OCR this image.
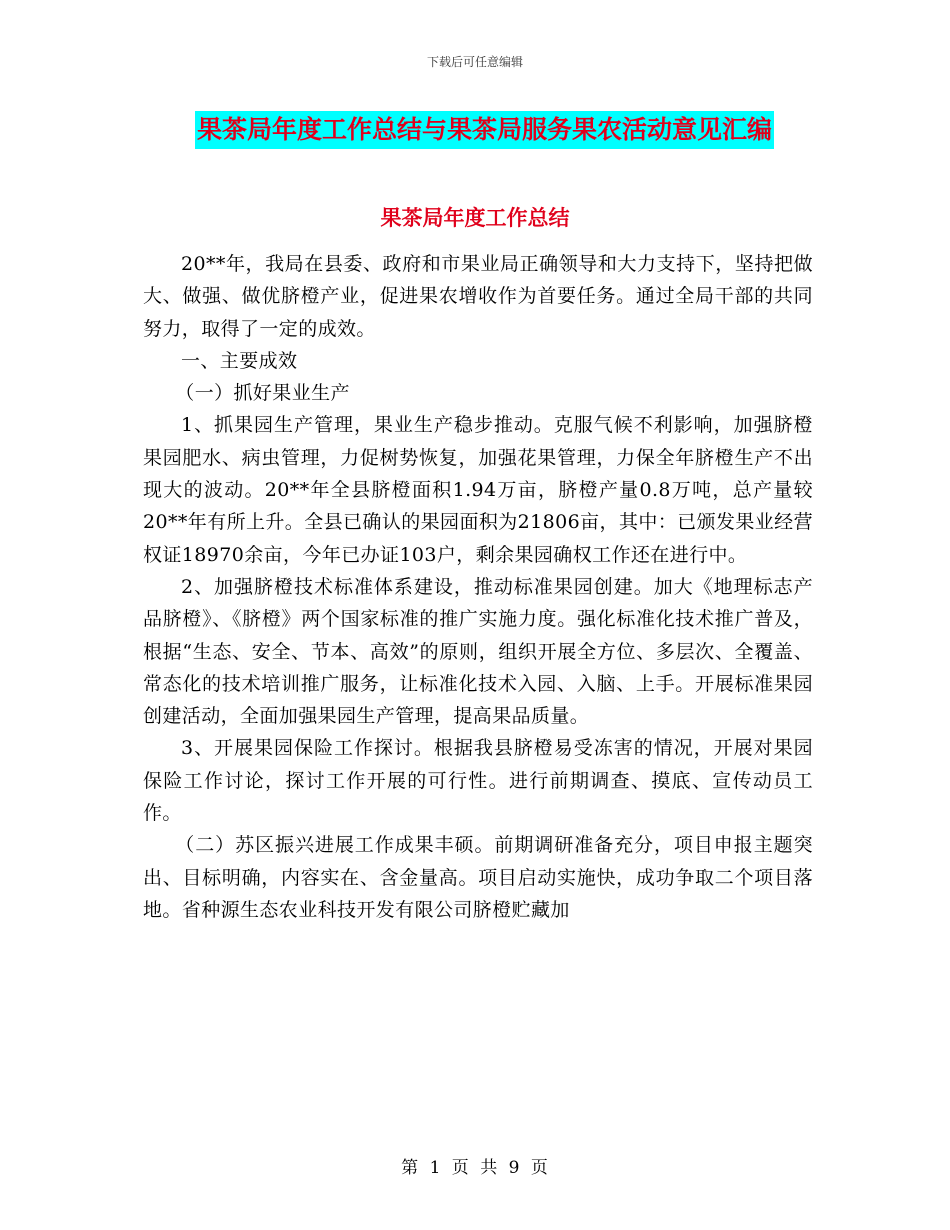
下载后可任意编辑
果茶局年度工作总结与果茶局服务果农活动意见汇编
果茶局年度工作总结

20**年，我局在县委、政府和市果业局正确领导和大力支持下，坚持把做大、做强、做优脐橙产业，促进果农增收作为首要任务。通过全局干部的共同努力，取得了一定的成效。

一、主要成效

（一）抓好果业生产

1、抓果园生产管理，果业生产稳步推动。克服气候不利影响，加强脐橙果园肥水、病虫管理，力促树势恢复，加强花果管理，力保全年脐橙生产不出现大的波动。20**年全县脐橙面积1.94万亩，脐橙产量0.8万吨，总产量较20**年有所上升。全县已确认的果园面积为21806亩，其中：已颁发果业经营权证18970余亩，今年已办证103户，剩余果园确权工作还在进行中。

2、加强脐橙技术标准体系建设，推动标准果园创建。加大《地理标志产品脐橙》、《脐橙》两个国家标准的推广实施力度。强化标准化技术推广普及，根据“生态、安全、节本、高效”的原则，组织开展全方位、多层次、全覆盖、常态化的技术培训推广服务，让标准化技术入园、入脑、上手。开展标准果园创建活动，全面加强果园生产管理，提高果品质量。

3、开展果园保险工作探讨。根据我县脐橙易受冻害的情况，开展对果园保险工作讨论，探讨工作开展的可行性。进行前期调查、摸底、宣传动员工作。

（二）苏区振兴进展工作成果丰硕。前期调研准备充分，项目申报主题突出、目标明确，内容实在、含金量高。项目启动实施快，成功争取二个项目落地。省种源生态农业科技开发有限公司脐橙贮藏加

第 1 页 共 9 页
